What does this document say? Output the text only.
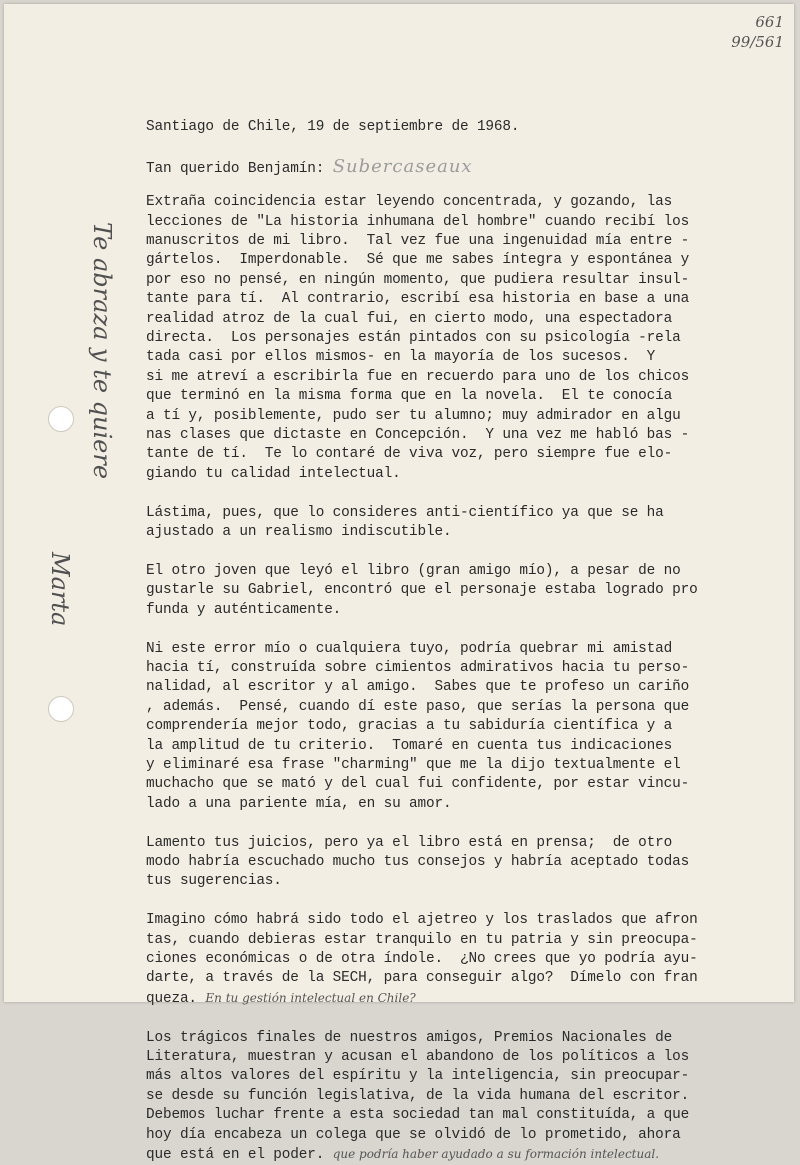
661
99/561
Te abraza y te quiere
Marta
Santiago de Chile, 19 de septiembre de 1968.
Tan querido Benjamín: Subercaseaux
Extraña coincidencia estar leyendo concentrada, y gozando, las
lecciones de "La historia inhumana del hombre" cuando recibí los
manuscritos de mi libro.  Tal vez fue una ingenuidad mía entre -
gártelos.  Imperdonable.  Sé que me sabes íntegra y espontánea y
por eso no pensé, en ningún momento, que pudiera resultar insul-
tante para tí.  Al contrario, escribí esa historia en base a una
realidad atroz de la cual fui, en cierto modo, una espectadora
directa.  Los personajes están pintados con su psicología -rela
tada casi por ellos mismos- en la mayoría de los sucesos.  Y
si me atreví a escribirla fue en recuerdo para uno de los chicos
que terminó en la misma forma que en la novela.  El te conocía
a tí y, posiblemente, pudo ser tu alumno; muy admirador en algu
nas clases que dictaste en Concepción.  Y una vez me habló bas -
tante de tí.  Te lo contaré de viva voz, pero siempre fue elo-
giando tu calidad intelectual.
Lástima, pues, que lo consideres anti-científico ya que se ha
ajustado a un realismo indiscutible.
El otro joven que leyó el libro (gran amigo mío), a pesar de no
gustarle su Gabriel, encontró que el personaje estaba logrado pro
funda y auténticamente.
Ni este error mío o cualquiera tuyo, podría quebrar mi amistad
hacia tí, construída sobre cimientos admirativos hacia tu perso-
nalidad, al escritor y al amigo.  Sabes que te profeso un cariño
, además.  Pensé, cuando dí este paso, que serías la persona que
comprendería mejor todo, gracias a tu sabiduría científica y a
la amplitud de tu criterio.  Tomaré en cuenta tus indicaciones
y eliminaré esa frase "charming" que me la dijo textualmente el
muchacho que se mató y del cual fui confidente, por estar vincu-
lado a una pariente mía, en su amor.
Lamento tus juicios, pero ya el libro está en prensa;  de otro
modo habría escuchado mucho tus consejos y habría aceptado todas
tus sugerencias.
Imagino cómo habrá sido todo el ajetreo y los traslados que afron
tas, cuando debieras estar tranquilo en tu patria y sin preocupa-
ciones económicas o de otra índole.  ¿No crees que yo podría ayu-
darte, a través de la SECH, para conseguir algo?  Dímelo con fran
queza. En tu gestión intelectual en Chile?
Los trágicos finales de nuestros amigos, Premios Nacionales de
Literatura, muestran y acusan el abandono de los políticos a los
más altos valores del espíritu y la inteligencia, sin preocupar-
se desde su función legislativa, de la vida humana del escritor.
Debemos luchar frente a esta sociedad tan mal constituída, a que
hoy día encabeza un colega que se olvidó de lo prometido, ahora
que está en el poder. que podría haber ayudado a su formación intelectual.
